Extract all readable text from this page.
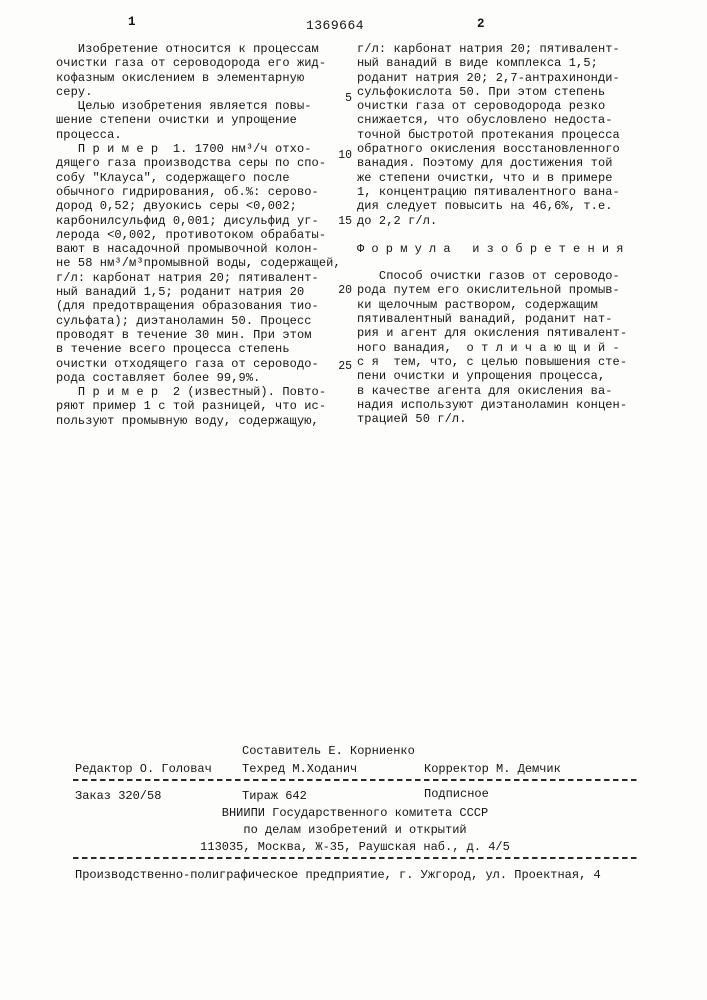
1	1369664	2
Изобретение относится к процессам
очистки газа от сероводорода его жид-
кофазным окислением в элементарную
серу.
Целью изобретения является повы-
шение степени очистки и упрощение
процесса.
П р и м е р  1. 1700 нм³/ч отхо-
дящего газа производства серы по спо-
собу "Клауса", содержащего после
обычного гидрирования, об.%: серово-
дород 0,52; двуокись серы <0,002;
карбонилсульфид 0,001; дисульфид уг-
лерода <0,002, противотоком обрабаты-
вают в насадочной промывочной колон-
не 58 нм³/м³промывной воды, содержащей,
г/л: карбонат натрия 20; пятивалент-
ный ванадий 1,5; роданит натрия 20
(для предотвращения образования тио-
сульфата); диэтаноламин 50. Процесс
проводят в течение 30 мин. При этом
в течение всего процесса степень
очистки отходящего газа от сероводо-
рода составляет более 99,9%.
П р и м е р  2 (известный). Повто-
ряют пример 1 с той разницей, что ис-
пользуют промывную воду, содержащую,
5
10
15
20
25
г/л: карбонат натрия 20; пятивалент-
ный ванадий в виде комплекса 1,5;
роданит натрия 20; 2,7-антрахинонди-
сульфокислота 50. При этом степень
очистки газа от сероводорода резко
снижается, что обусловлено недоста-
точной быстротой протекания процесса
обратного окисления восстановленного
ванадия. Поэтому для достижения той
же степени очистки, что и в примере
1, концентрацию пятивалентного вана-
дия следует повысить на 46,6%, т.е.
до 2,2 г/л.
Ф о р м у л а   и з о б р е т е н и я
Способ очистки газов от сероводо-
рода путем его окислительной промыв-
ки щелочным раствором, содержащим
пятивалентный ванадий, роданит нат-
рия и агент для окисления пятивалент-
ного ванадия,  о т л и ч а ю щ и й -
с я  тем, что, с целью повышения сте-
пени очистки и упрощения процесса,
в качестве агента для окисления ва-
надия используют диэтаноламин концен-
трацией 50 г/л.
Составитель Е. Корниенко
Редактор О. Головач	Техред М.Ходанич	Корректор М. Демчик
Заказ 320/58	Тираж 642	Подписное
ВНИИПИ Государственного комитета СССР
по делам изобретений и открытий
113035, Москва, Ж-35, Раушская наб., д. 4/5
Производственно-полиграфическое предприятие, г. Ужгород, ул. Проектная, 4
